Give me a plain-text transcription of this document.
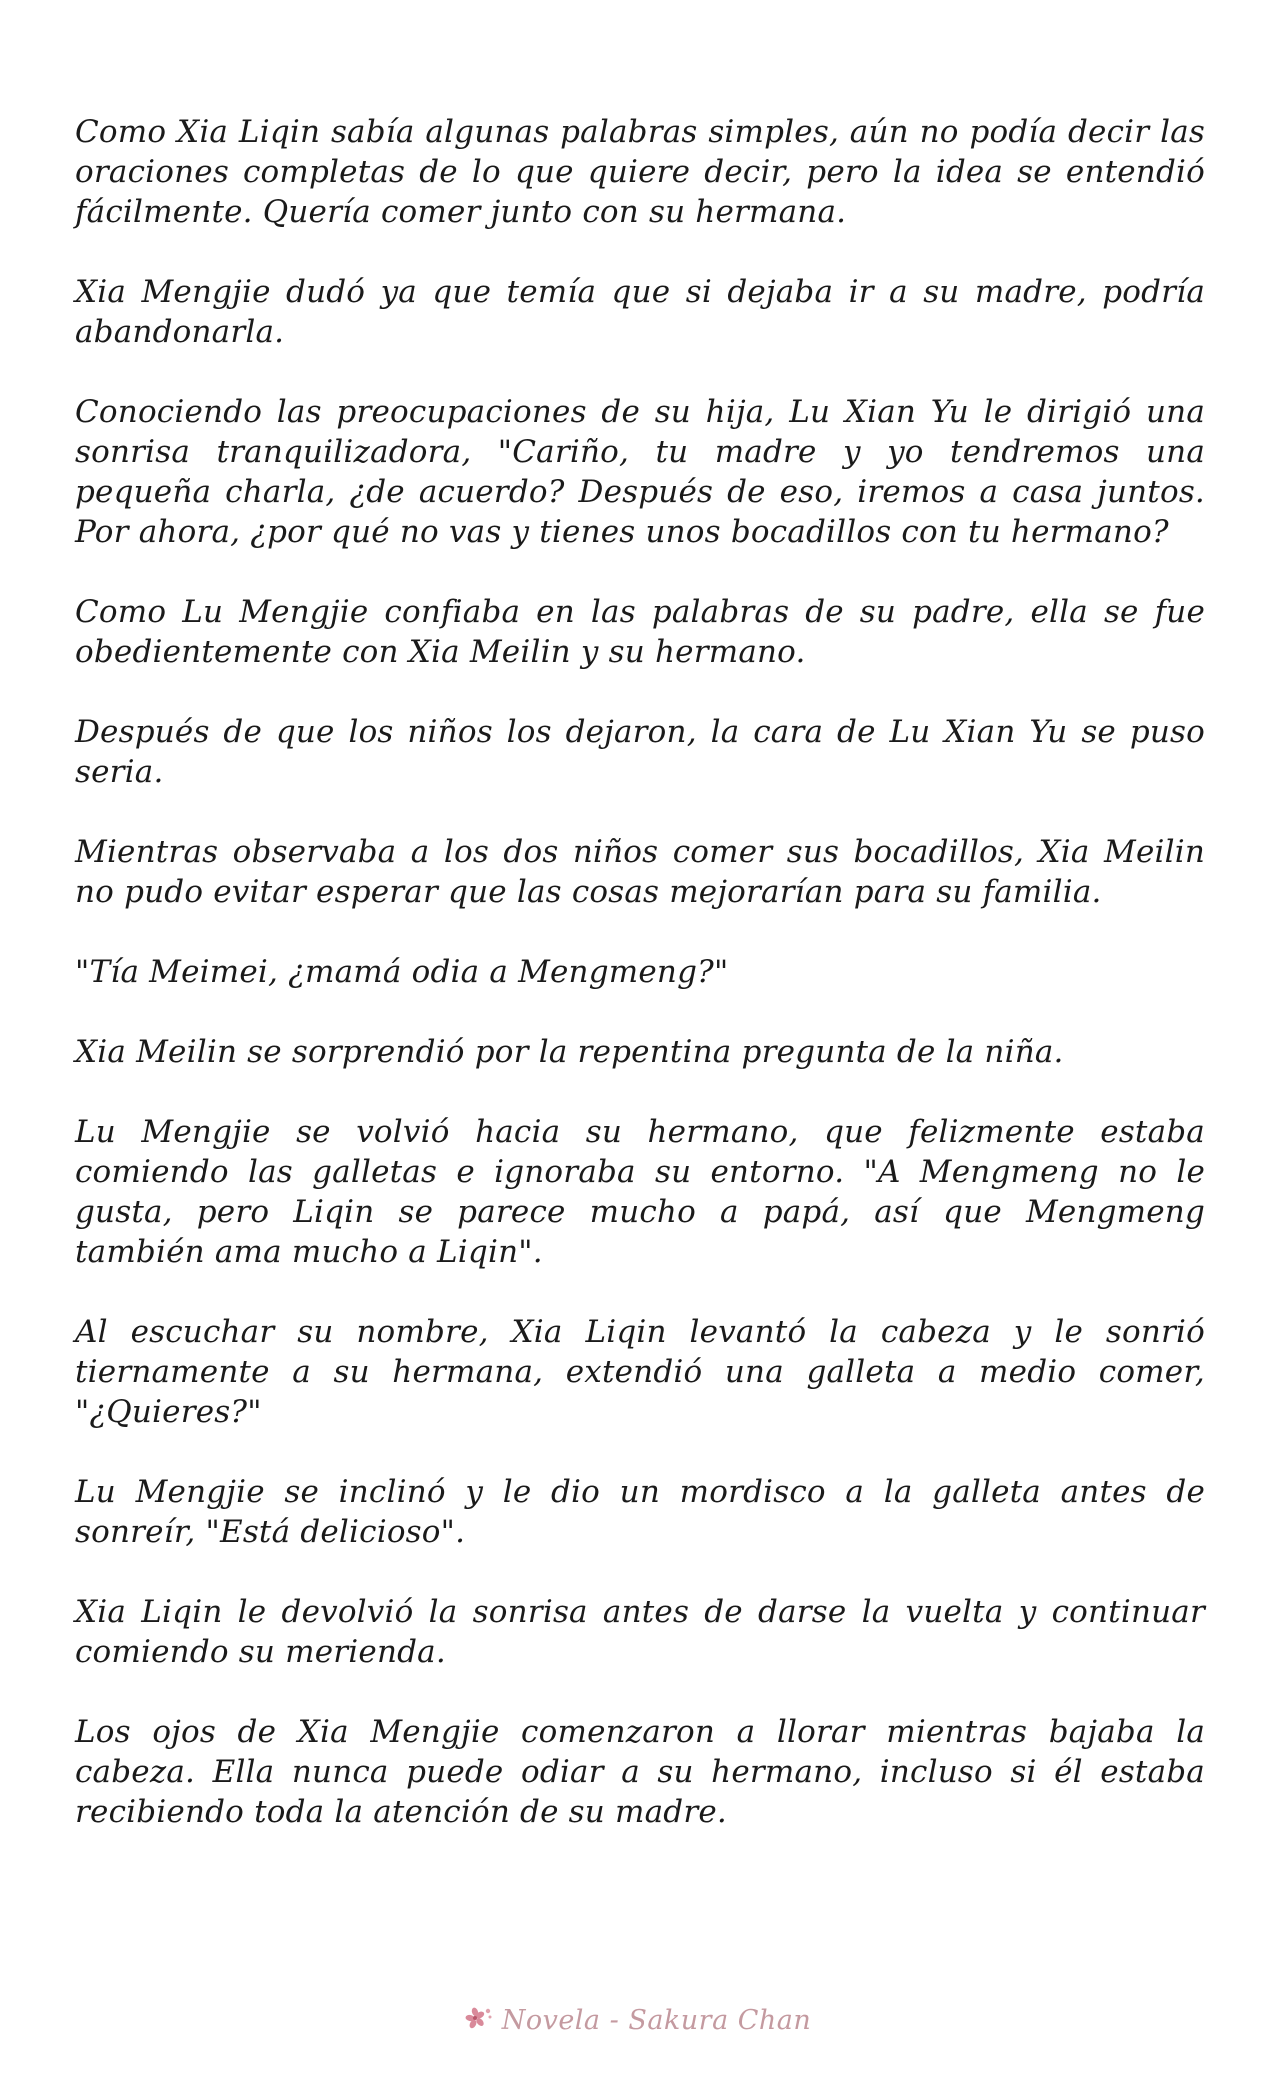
Como Xia Liqin sabía algunas palabras simples, aún no podía decir las oraciones completas de lo que quiere decir, pero la idea se entendió fácilmente. Quería comer junto con su hermana.

Xia Mengjie dudó ya que temía que si dejaba ir a su madre, podría abandonarla.

Conociendo las preocupaciones de su hija, Lu Xian Yu le dirigió una sonrisa tranquilizadora, "Cariño, tu madre y yo tendremos una pequeña charla, ¿de acuerdo? Después de eso, iremos a casa juntos. Por ahora, ¿por qué no vas y tienes unos bocadillos con tu hermano?

Como Lu Mengjie confiaba en las palabras de su padre, ella se fue obedientemente con Xia Meilin y su hermano.

Después de que los niños los dejaron, la cara de Lu Xian Yu se puso seria.

Mientras observaba a los dos niños comer sus bocadillos, Xia Meilin no pudo evitar esperar que las cosas mejorarían para su familia.

"Tía Meimei, ¿mamá odia a Mengmeng?"

Xia Meilin se sorprendió por la repentina pregunta de la niña.

Lu Mengjie se volvió hacia su hermano, que felizmente estaba comiendo las galletas e ignoraba su entorno. "A Mengmeng no le gusta, pero Liqin se parece mucho a papá, así que Mengmeng también ama mucho a Liqin".

Al escuchar su nombre, Xia Liqin levantó la cabeza y le sonrió tiernamente a su hermana, extendió una galleta a medio comer, "¿Quieres?"

Lu Mengjie se inclinó y le dio un mordisco a la galleta antes de sonreír, "Está delicioso".

Xia Liqin le devolvió la sonrisa antes de darse la vuelta y continuar comiendo su merienda.

Los ojos de Xia Mengjie comenzaron a llorar mientras bajaba la cabeza. Ella nunca puede odiar a su hermano, incluso si él estaba recibiendo toda la atención de su madre.

Novela - Sakura Chan
